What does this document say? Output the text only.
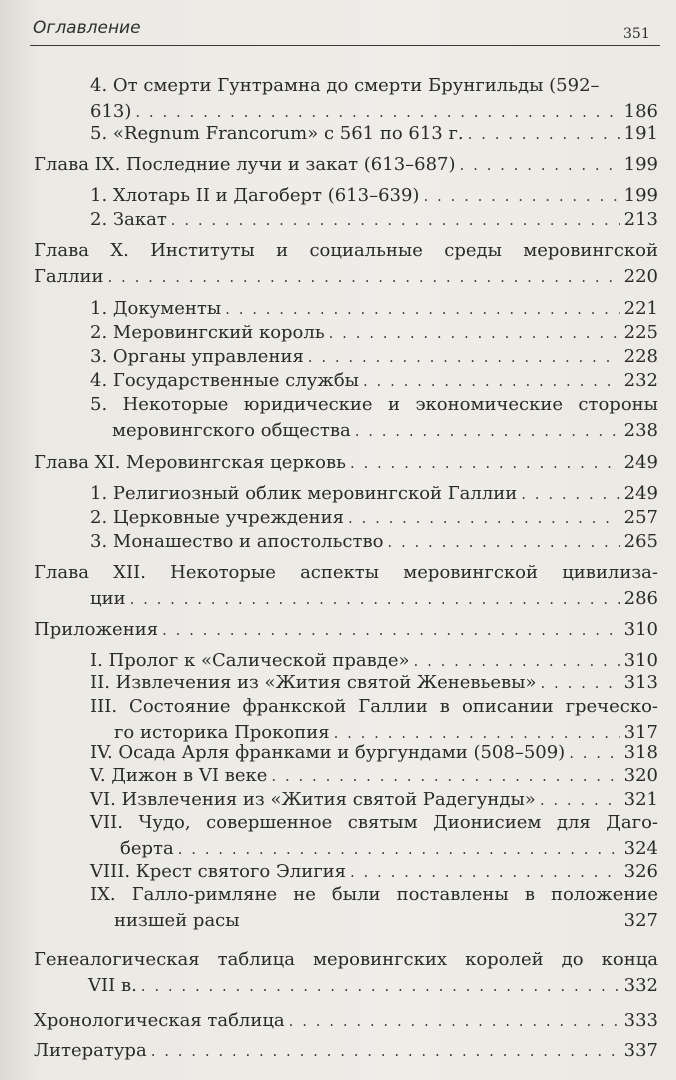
Оглавление	351
4. От смерти Гунтрамна до смерти Брунгильды (592–
613) . . .	186
5. «Regnum Francorum» с 561 по 613 г. . . .	191
Глава IX. Последние лучи и закат (613–687) . . .	199
1. Хлотарь II и Дагоберт (613–639) . . .	199
2. Закат . . .	213
Глава X. Институты и социальные среды меровингской
Галлии . . .	220
1. Документы . . .	221
2. Меровингский король . . .	225
3. Органы управления . . .	228
4. Государственные службы . . .	232
5. Некоторые юридические и экономические стороны
меровингского общества . . .	238
Глава XI. Меровингская церковь . . .	249
1. Религиозный облик меровингской Галлии . . .	249
2. Церковные учреждения . . .	257
3. Монашество и апостольство . . .	265
Глава XII. Некоторые аспекты меровингской цивилиза-
ции . . .	286
Приложения . . .	310
I. Пролог к «Салической правде» . . .	310
II. Извлечения из «Жития святой Женевьевы» . . .	313
III. Состояние франкской Галлии в описании греческо-
го историка Прокопия . . .	317
IV. Осада Арля франками и бургундами (508–509) . . .	318
V. Дижон в VI веке . . .	320
VI. Извлечения из «Жития святой Радегунды» . . .	321
VII. Чудо, совершенное святым Дионисием для Даго-
берта . . .	324
VIII. Крест святого Элигия . . .	326
IX. Галло-римляне не были поставлены в положение
низшей расы	327
Генеалогическая таблица меровингских королей до конца
VII в. . . .	332
Хронологическая таблица . . .	333
Литература . . .	337
